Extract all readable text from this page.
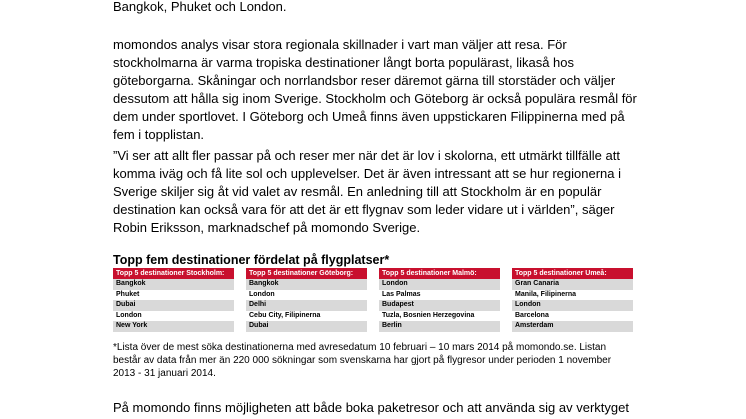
Bangkok, Phuket och London.

momondos analys visar stora regionala skillnader i vart man väljer att resa. För stockholmarna är varma tropiska destinationer långt borta populärast, likaså hos göteborgarna. Skåningar och norrlandsbor reser däremot gärna till storstäder och väljer dessutom att hålla sig inom Sverige. Stockholm och Göteborg är också populära resmål för dem under sportlovet. I Göteborg och Umeå finns även uppstickaren Filippinerna med på fem i topplistan.

”Vi ser att allt fler passar på och reser mer när det är lov i skolorna, ett utmärkt tillfälle att komma iväg och få lite sol och upplevelser. Det är även intressant att se hur regionerna i Sverige skiljer sig åt vid valet av resmål. En anledning till att Stockholm är en populär destination kan också vara för att det är ett flygnav som leder vidare ut i världen”, säger Robin Eriksson, marknadschef på momondo Sverige.

Topp fem destinationer fördelat på flygplatser*

Topp 5 destinationer Stockholm:
Bangkok
Phuket
Dubai
London
New York
Topp 5 destinationer Göteborg:
Bangkok
London
Delhi
Cebu City, Filipinerna
Dubai
Topp 5 destinationer Malmö:
London
Las Palmas
Budapest
Tuzla, Bosnien Herzegovina
Berlin
Topp 5 destinationer Umeå:
Gran Canaria
Manila, Filipinerna
London
Barcelona
Amsterdam

*Lista över de mest söka destinationerna med avresedatum 10 februari – 10 mars 2014 på momondo.se. Listan består av data från mer än 220 000 sökningar som svenskarna har gjort på flygresor under perioden 1 november 2013 - 31 januari 2014.

På momondo finns möjligheten att både boka paketresor och att använda sig av verktyget
